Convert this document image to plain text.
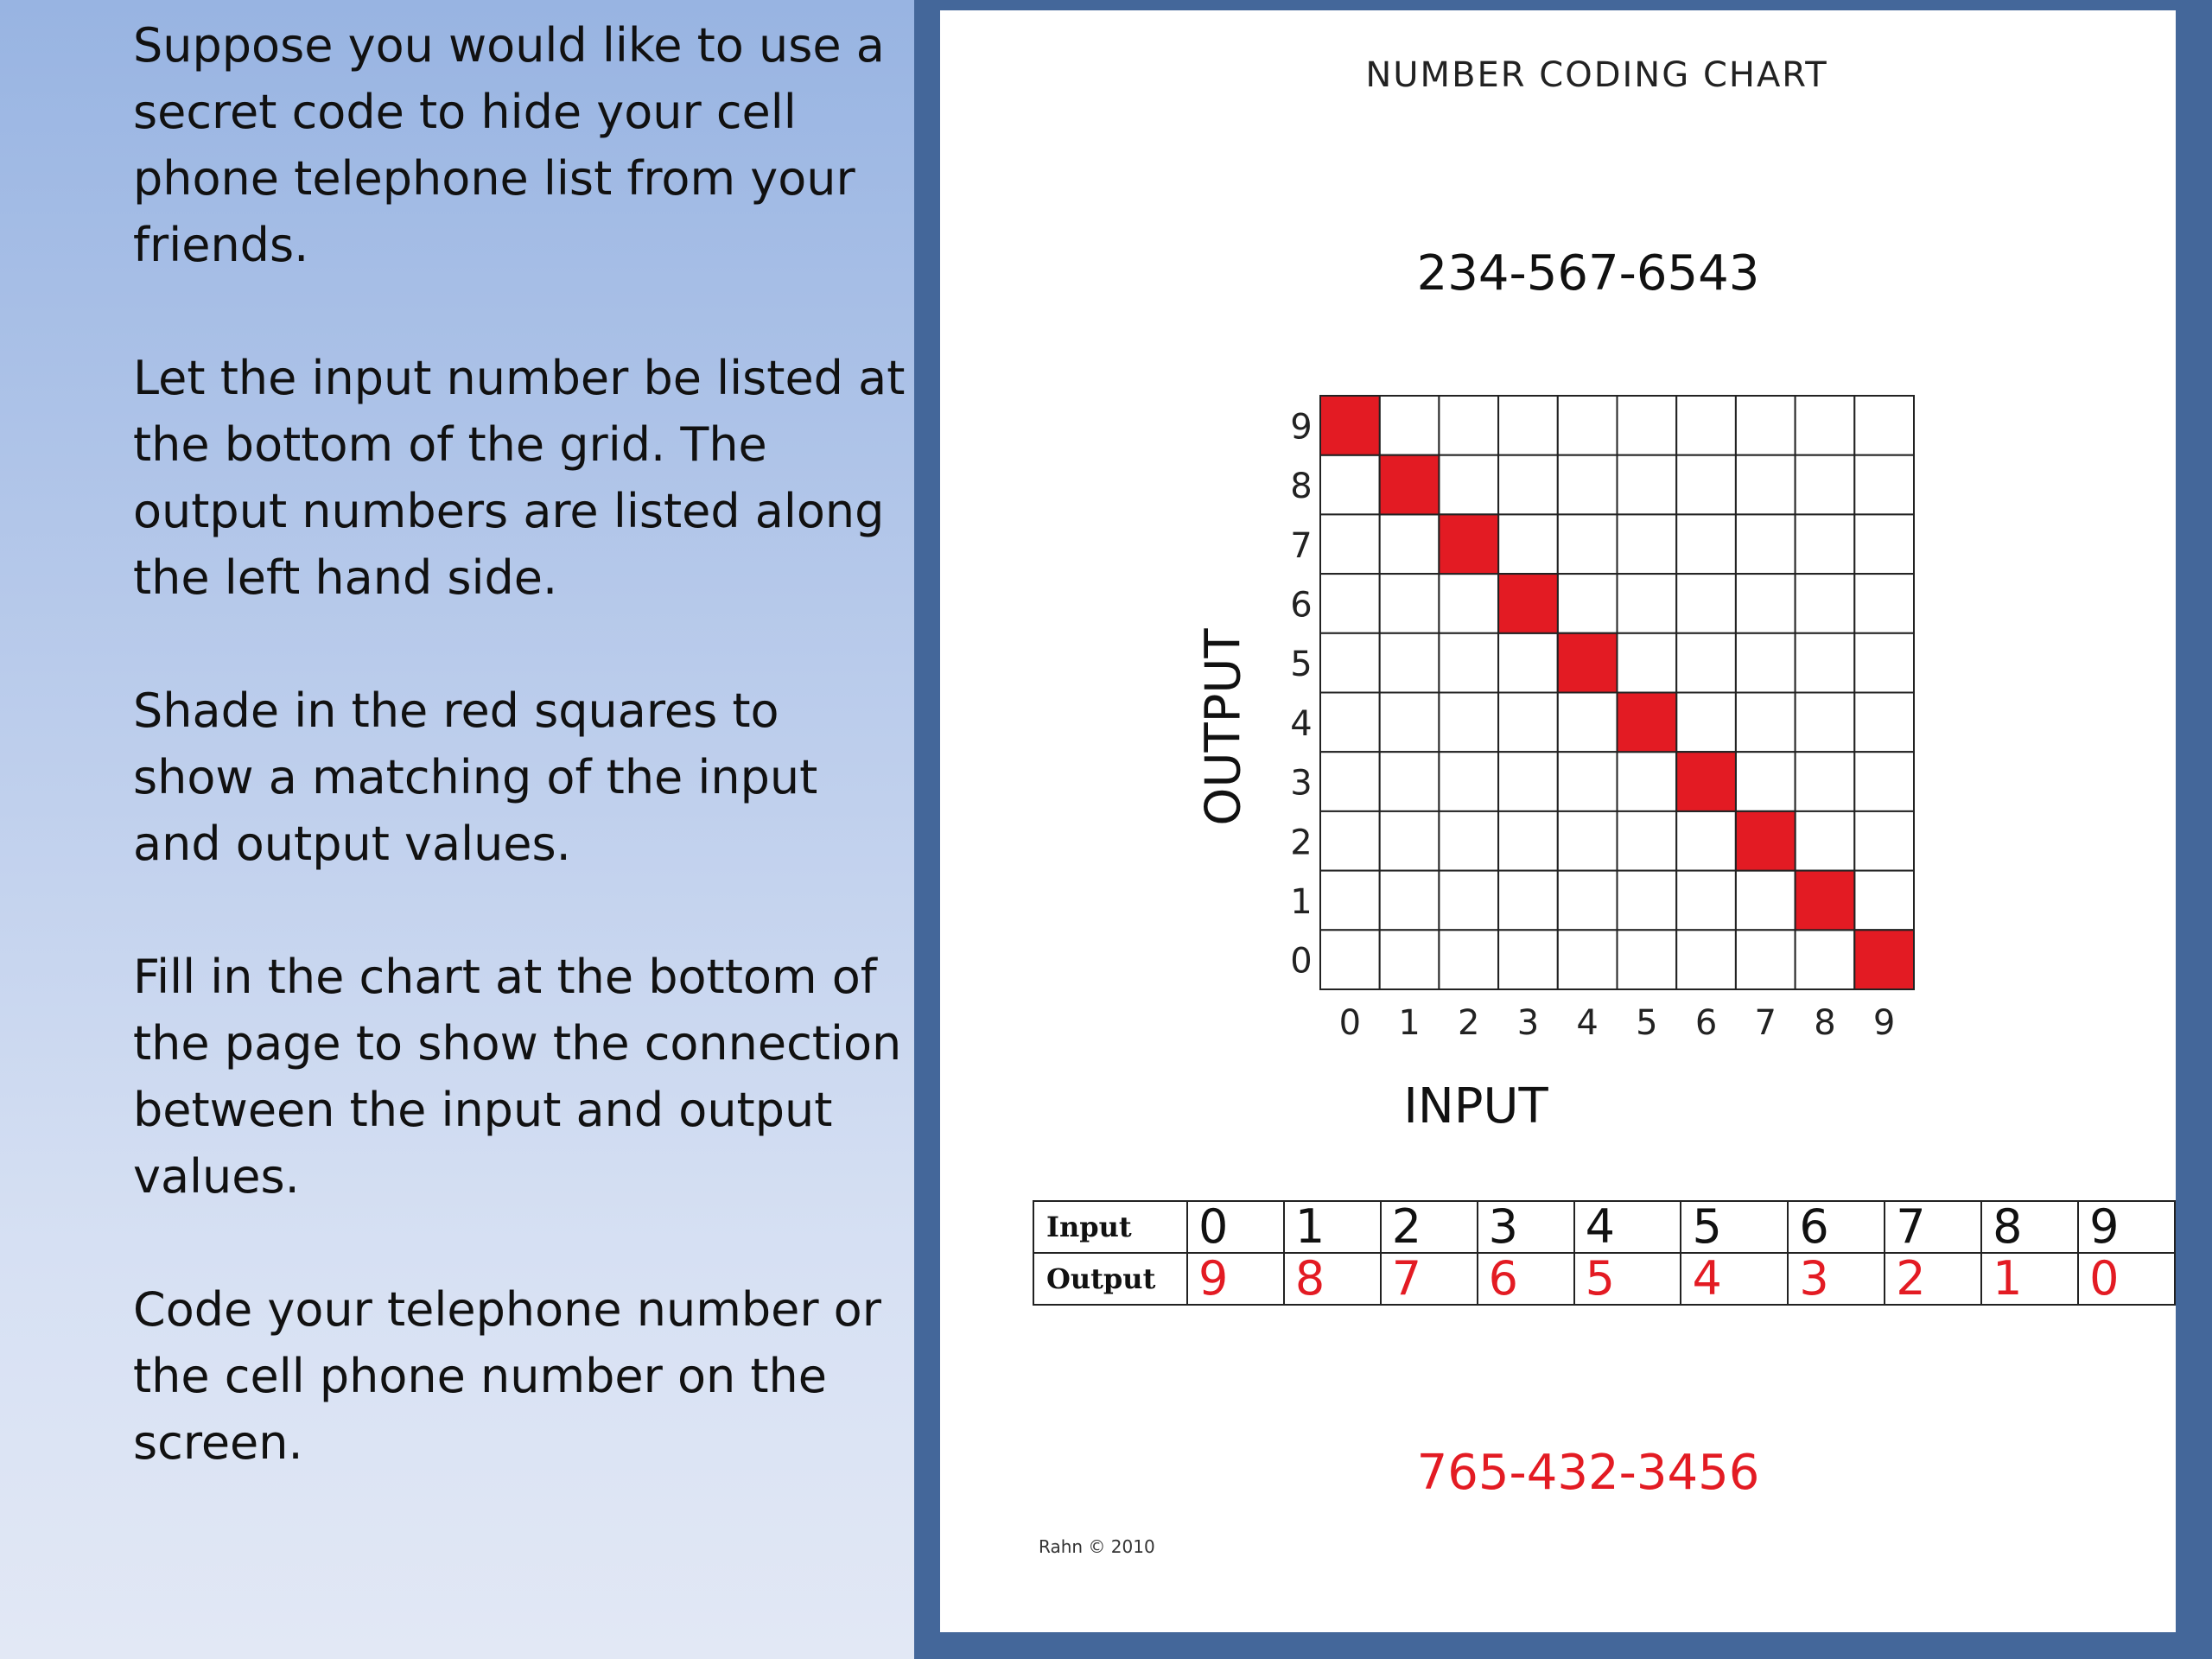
Suppose you would like to use a secret code to hide your cell phone telephone list from your friends.

Let the input number be listed at the bottom of the grid. The output numbers are listed along the left hand side.

Shade in the red squares to show a matching of the input and output values.

Fill in the chart at the bottom of the page to show the connection between the input and output values.

Code your telephone number or the cell phone number on the screen.

NUMBER CODING CHART
234-567-6543
OUTPUT
9
8
7
6
5
4
3
2
1
0
0 1 2 3 4 5 6 7 8 9
INPUT
Input	0	1	2	3	4	5	6	7	8	9
Output	9	8	7	6	5	4	3	2	1	0
765-432-3456
Rahn © 2010
